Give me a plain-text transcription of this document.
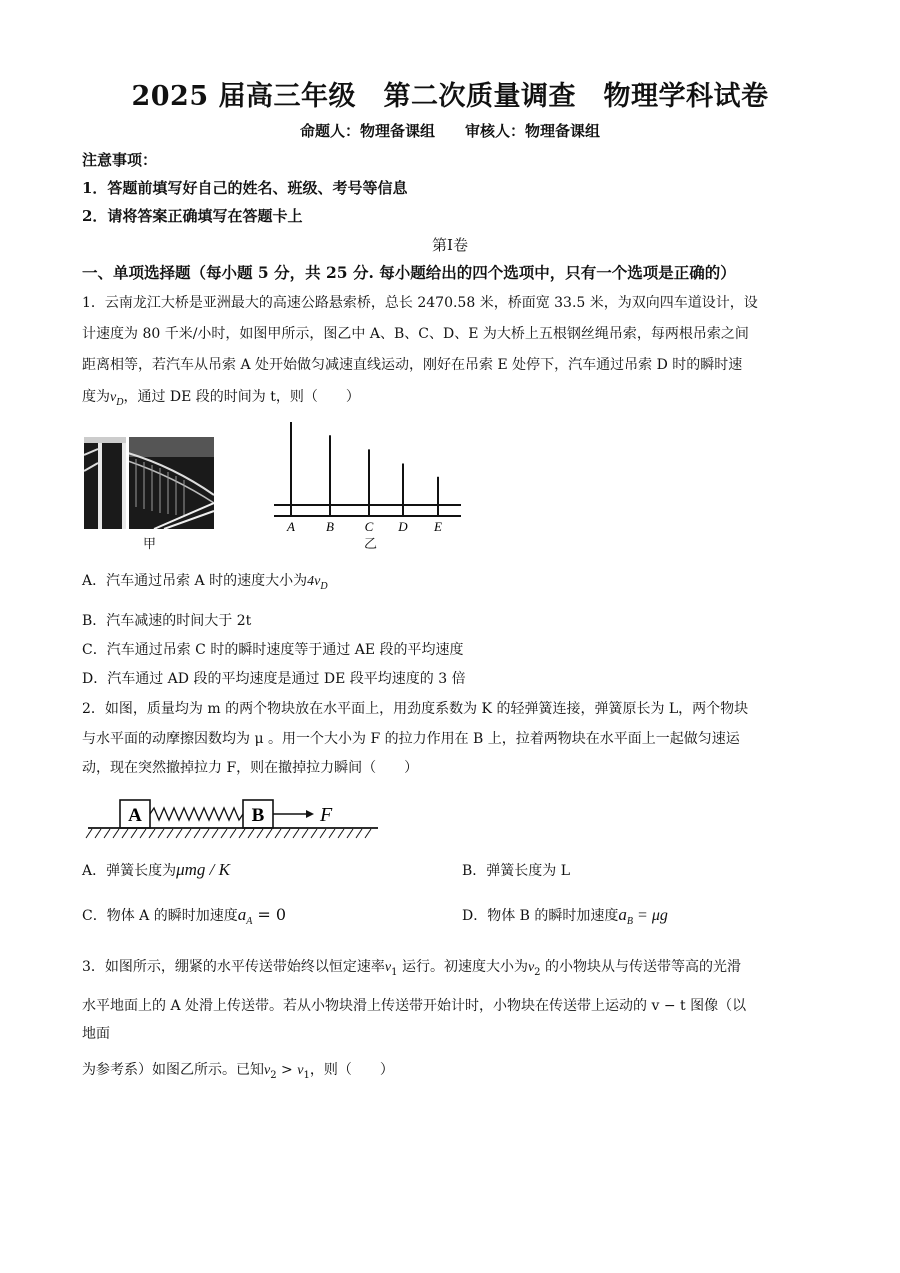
2025 届高三年级　第二次质量调查　物理学科试卷
命题人：物理备课组　　审核人：物理备课组
注意事项：
1．答题前填写好自己的姓名、班级、考号等信息
2．请将答案正确填写在答题卡上
第Ⅰ卷
一、单项选择题（每小题 5 分，共 25 分. 每小题给出的四个选项中，只有一个选项是正确的）
1．云南龙江大桥是亚洲最大的高速公路悬索桥，总长 2470.58 米，桥面宽 33.5 米，为双向四车道设计，设
计速度为 80 千米/小时，如图甲所示，图乙中 A、B、C、D、E 为大桥上五根钢丝绳吊索，每两根吊索之间
距离相等，若汽车从吊索 A 处开始做匀减速直线运动，刚好在吊索 E 处停下，汽车通过吊索 D 时的瞬时速
度为$v_D$，通过 DE 段的时间为 t，则（　　）
甲
A B C D E
乙
A．汽车通过吊索 A 时的速度大小为$4v_D$
B．汽车减速的时间大于 2t
C．汽车通过吊索 C 时的瞬时速度等于通过 AE 段的平均速度
D．汽车通过 AD 段的平均速度是通过 DE 段平均速度的 3 倍
2．如图，质量均为 m 的两个物块放在水平面上，用劲度系数为 K 的轻弹簧连接，弹簧原长为 L，两个物块
与水平面的动摩擦因数均为 μ 。用一个大小为 F 的拉力作用在 B 上，拉着两物块在水平面上一起做匀速运
动，现在突然撤掉拉力 F，则在撤掉拉力瞬间（　　）
A	B	F
A．弹簧长度为μmg / K	B．弹簧长度为 L
C．物体 A 的瞬时加速度$a_A = 0$	D．物体 B 的瞬时加速度$a_B = \mu g$
3．如图所示，绷紧的水平传送带始终以恒定速率$v_1$ 运行。初速度大小为$v_2$ 的小物块从与传送带等高的光滑
水平地面上的 A 处滑上传送带。若从小物块滑上传送带开始计时，小物块在传送带上运动的 v − t 图像（以
地面
为参考系）如图乙所示。已知$v_2 > v_1$，则（　　）
